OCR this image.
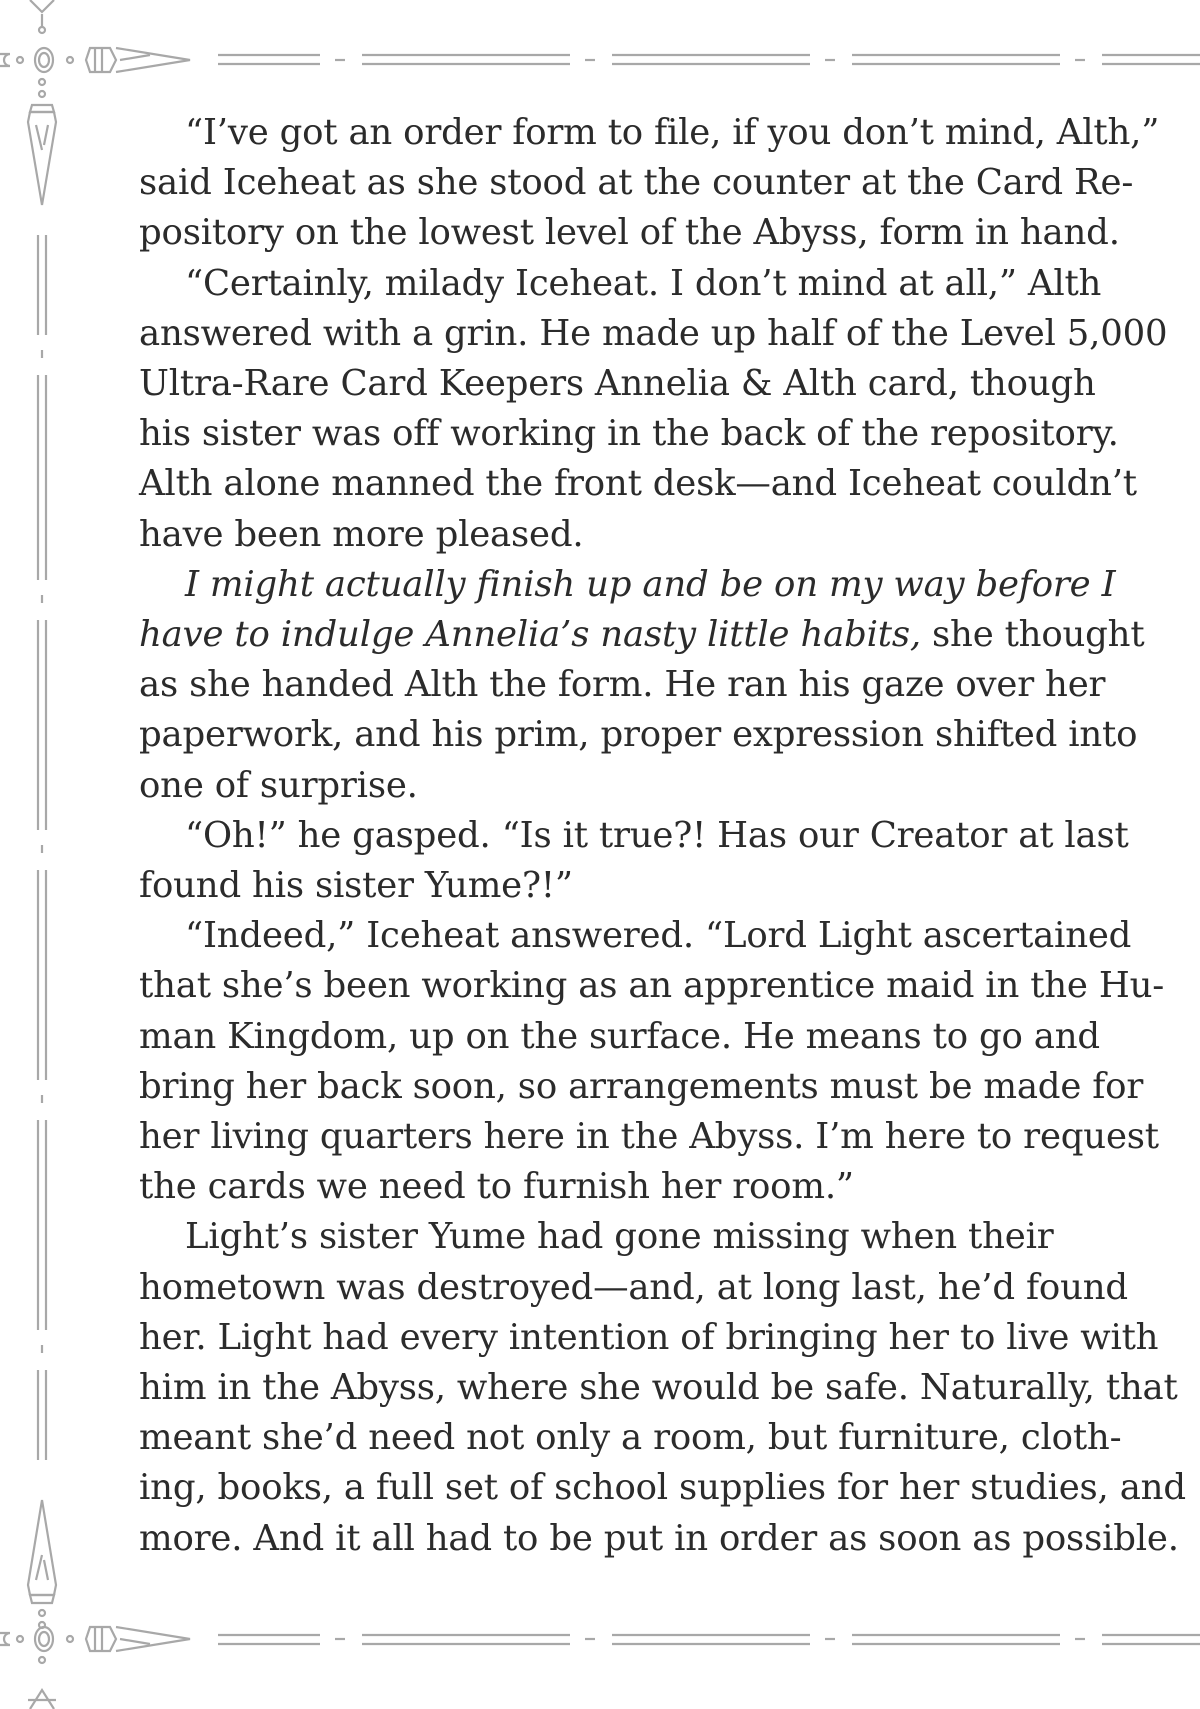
“I’ve got an order form to file, if you don’t mind, Alth,”
said Iceheat as she stood at the counter at the Card Re-
pository on the lowest level of the Abyss, form in hand.
“Certainly, milady Iceheat. I don’t mind at all,” Alth
answered with a grin. He made up half of the Level 5,000
Ultra-Rare Card Keepers Annelia & Alth card, though
his sister was off working in the back of the repository.
Alth alone manned the front desk—and Iceheat couldn’t
have been more pleased.
I might actually finish up and be on my way before I
have to indulge Annelia’s nasty little habits, she thought
as she handed Alth the form. He ran his gaze over her
paperwork, and his prim, proper expression shifted into
one of surprise.
“Oh!” he gasped. “Is it true?! Has our Creator at last
found his sister Yume?!”
“Indeed,” Iceheat answered. “Lord Light ascertained
that she’s been working as an apprentice maid in the Hu-
man Kingdom, up on the surface. He means to go and
bring her back soon, so arrangements must be made for
her living quarters here in the Abyss. I’m here to request
the cards we need to furnish her room.”
Light’s sister Yume had gone missing when their
hometown was destroyed—and, at long last, he’d found
her. Light had every intention of bringing her to live with
him in the Abyss, where she would be safe. Naturally, that
meant she’d need not only a room, but furniture, cloth-
ing, books, a full set of school supplies for her studies, and
more. And it all had to be put in order as soon as possible.
